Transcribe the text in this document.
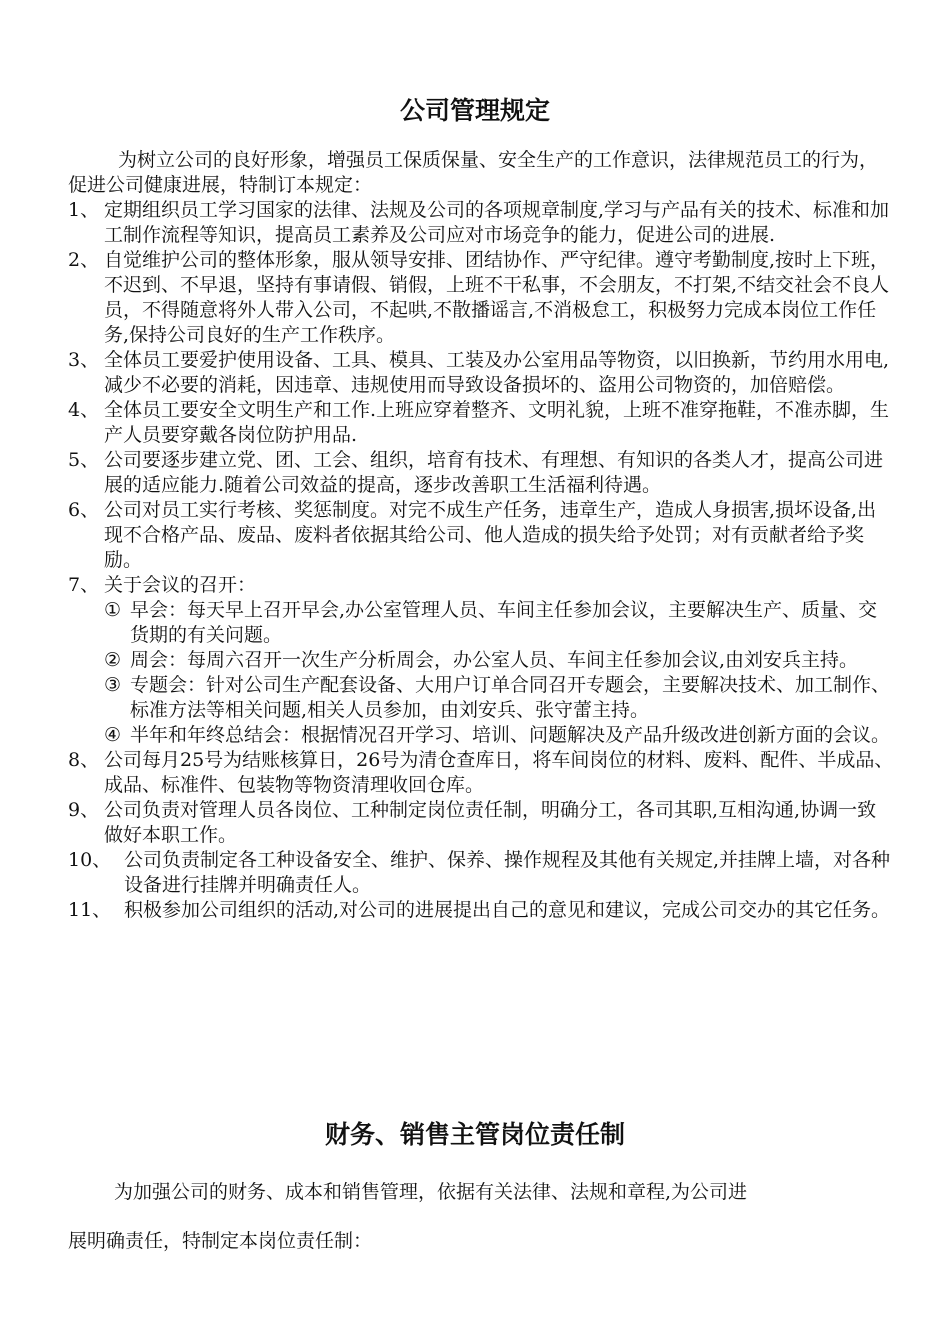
公司管理规定

为树立公司的良好形象，增强员工保质保量、安全生产的工作意识，法律规范员工的行为，促进公司健康进展，特制订本规定：

1、 定期组织员工学习国家的法律、法规及公司的各项规章制度,学习与产品有关的技术、标准和加工制作流程等知识，提高员工素养及公司应对市场竞争的能力，促进公司的进展.
2、 自觉维护公司的整体形象，服从领导安排、团结协作、严守纪律。遵守考勤制度,按时上下班，不迟到、不早退，坚持有事请假、销假，上班不干私事，不会朋友，不打架,不结交社会不良人员，不得随意将外人带入公司，不起哄,不散播谣言,不消极怠工，积极努力完成本岗位工作任务,保持公司良好的生产工作秩序。
3、 全体员工要爱护使用设备、工具、模具、工装及办公室用品等物资，以旧换新，节约用水用电,减少不必要的消耗，因违章、违规使用而导致设备损坏的、盗用公司物资的，加倍赔偿。
4、 全体员工要安全文明生产和工作.上班应穿着整齐、文明礼貌，上班不准穿拖鞋，不准赤脚，生产人员要穿戴各岗位防护用品.
5、 公司要逐步建立党、团、工会、组织，培育有技术、有理想、有知识的各类人才，提高公司进展的适应能力.随着公司效益的提高，逐步改善职工生活福利待遇。
6、 公司对员工实行考核、奖惩制度。对完不成生产任务，违章生产，造成人身损害,损坏设备,出现不合格产品、废品、废料者依据其给公司、他人造成的损失给予处罚；对有贡献者给予奖励。
7、 关于会议的召开：
① 早会：每天早上召开早会,办公室管理人员、车间主任参加会议，主要解决生产、质量、交货期的有关问题。
② 周会：每周六召开一次生产分析周会，办公室人员、车间主任参加会议,由刘安兵主持。
③ 专题会：针对公司生产配套设备、大用户订单合同召开专题会，主要解决技术、加工制作、标准方法等相关问题,相关人员参加，由刘安兵、张守蕾主持。
④ 半年和年终总结会：根据情况召开学习、培训、问题解决及产品升级改进创新方面的会议。
8、 公司每月25号为结账核算日，26号为清仓查库日，将车间岗位的材料、废料、配件、半成品、成品、标准件、包装物等物资清理收回仓库。
9、 公司负责对管理人员各岗位、工种制定岗位责任制，明确分工，各司其职,互相沟通,协调一致做好本职工作。
10、 公司负责制定各工种设备安全、维护、保养、操作规程及其他有关规定,并挂牌上墙，对各种设备进行挂牌并明确责任人。
11、 积极参加公司组织的活动,对公司的进展提出自己的意见和建议，完成公司交办的其它任务。
财务、销售主管岗位责任制

为加强公司的财务、成本和销售管理，依据有关法律、法规和章程,为公司进
展明确责任，特制定本岗位责任制：
